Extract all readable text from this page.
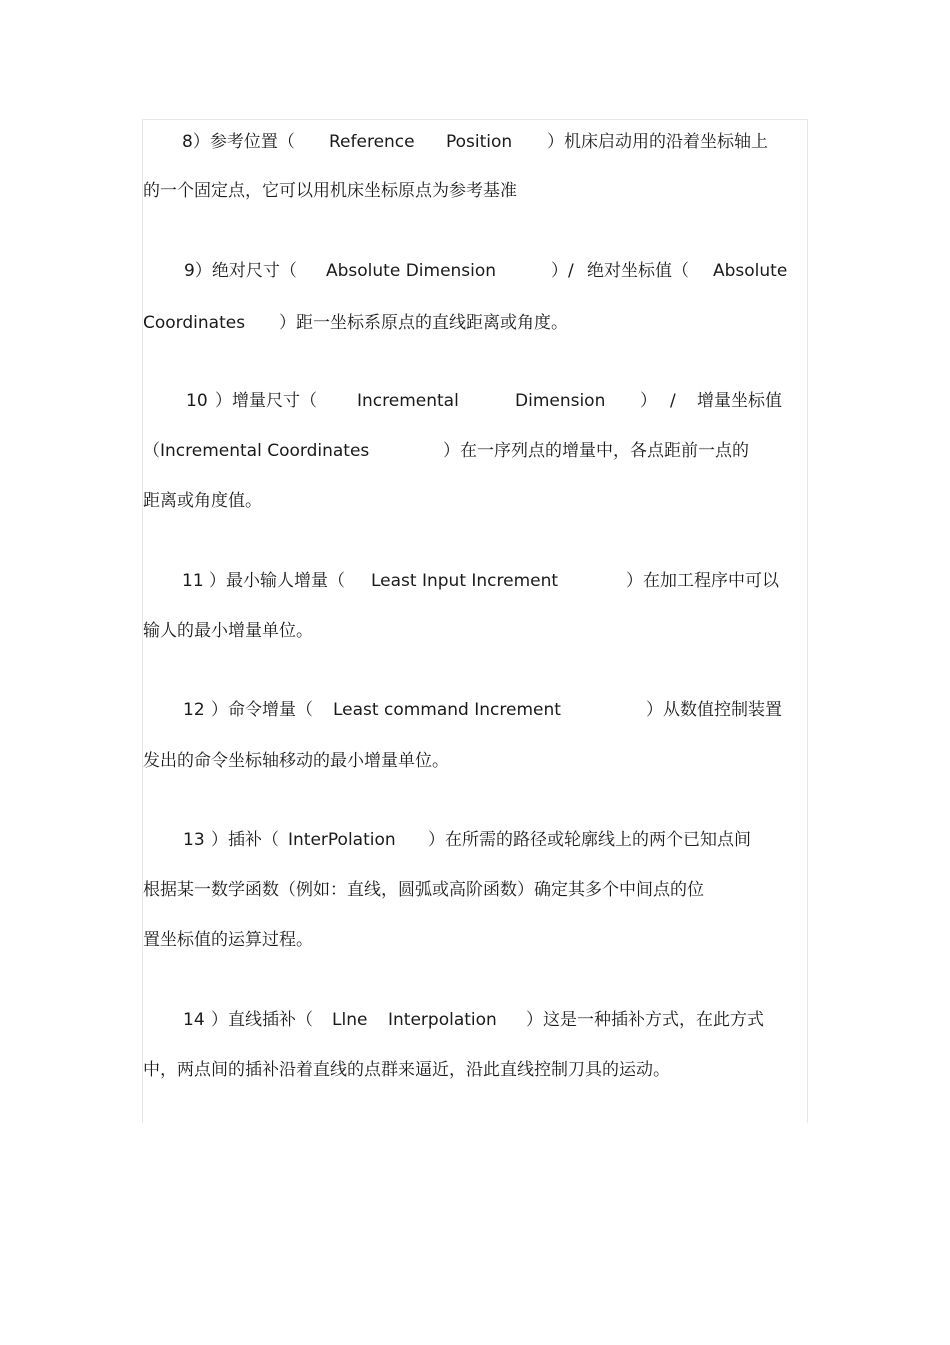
8）参考位置（

Reference

Position

）机床启动用的沿着坐标轴上

的一个固定点，它可以用机床坐标原点为参考基准

9）绝对尺寸（

Absolute Dimension

	）/

绝对坐标值（

Absolute

Coordinates

）距一坐标系原点的直线距离或角度。

10

）增量尺寸（

Incremental

	Dimension

）

/

增量坐标值

（Incremental Coordinates

	）在一序列点的增量中，各点距前一点的

距离或角度值。

11

）最小输人增量（

Least Input Increment

	）在加工程序中可以

输人的最小增量单位。

12

）命令增量（

Least command Increment

	）从数值控制装置

发出的命令坐标轴移动的最小增量单位。

13

）插补（

InterPolation

）在所需的路径或轮廓线上的两个已知点间

根据某一数学函数（例如：直线，圆弧或高阶函数）确定其多个中间点的位

置坐标值的运算过程。

14

）直线插补（

Llne

Interpolation

）这是一种插补方式，在此方式

中，两点间的插补沿着直线的点群来逼近，沿此直线控制刀具的运动。
